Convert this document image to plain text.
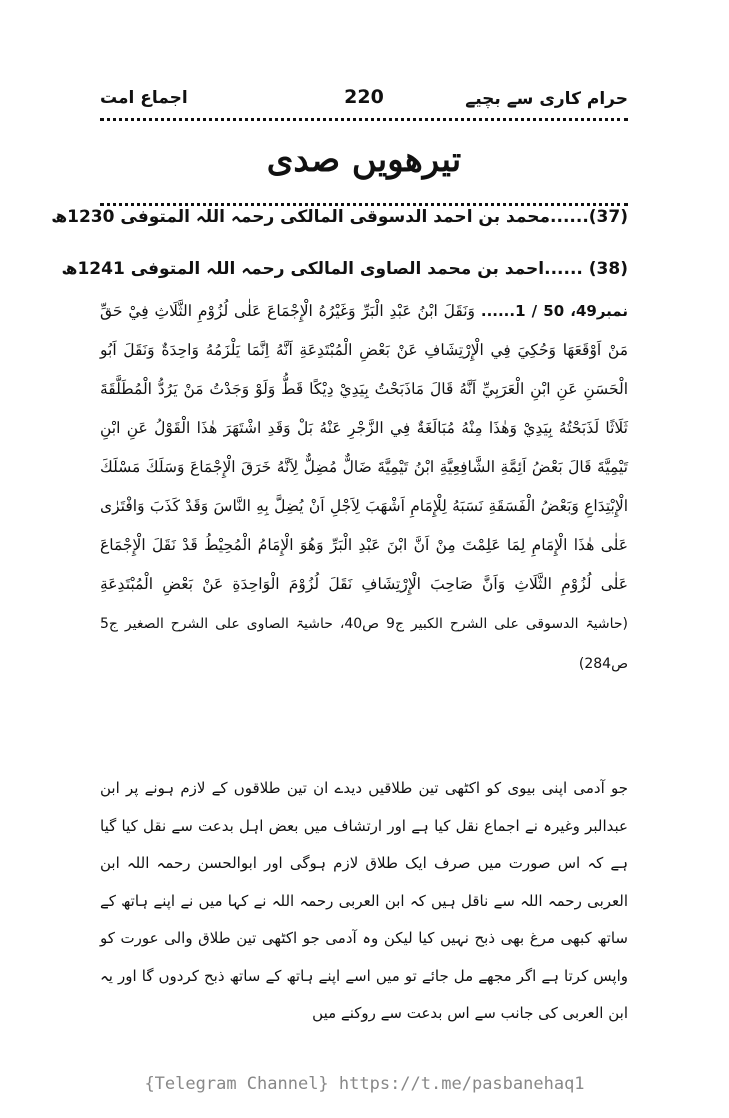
حرام کاری سے بچیے
220
اجماع امت
تیرھویں صدی
(37)......محمد بن احمد الدسوقی المالکی رحمہ اللہ المتوفی 1230ھ
(38) ......احمد بن محمد الصاوی المالکی رحمہ اللہ المتوفی 1241ھ
نمبر49، 50 / 1...... وَنَقَلَ ابْنُ عَبْدِ الْبَرِّ وَغَيْرُهُ الْإِجْمَاعَ عَلٰى لُزُوْمِ الثَّلَاثِ فِيْ حَقِّ مَنْ اَوْقَعَهَا وَحُكِيَ فِي الْإِرْتِشَافِ عَنْ بَعْضِ الْمُبْتَدِعَةِ اَنَّهُ اِنَّمَا يَلْزَمُهُ وَاحِدَةٌ وَنَقَلَ اَبُو الْحَسَنِ عَنِ ابْنِ الْعَرَبِيِّ اَنَّهُ قَالَ مَاذَبَحْتُ بِيَدِيْ دِيْكًا قَطُّ وَلَوْ وَجَدْتُ مَنْ يَرُدُّ الْمُطَلَّقَةَ ثَلَاثًا لَذَبَحْتُهُ بِيَدِيْ وَهٰذَا مِنْهُ مُبَالَغَةٌ فِي الزَّجْرِ عَنْهُ بَلْ وَقَدِ اشْتَهَرَ هٰذَا الْقَوْلُ عَنِ ابْنِ تَيْمِيَّةَ قَالَ بَعْضُ اَئِمَّةِ الشَّافِعِيَّةِ ابْنُ تَيْمِيَّةَ ضَالٌّ مُضِلٌّ لِاَنَّهُ خَرَقَ الْإِجْمَاعَ وَسَلَكَ مَسْلَكَ الْإِبْتِدَاعِ وَبَعْضُ الْفَسَقَةِ نَسَبَهُ لِلْإِمَامِ اَشْهَبَ لِاَجْلِ اَنْ يُضِلَّ بِهِ النَّاسَ وَقَدْ كَذَبَ وَافْتَرٰى عَلٰى هٰذَا الْإِمَامِ لِمَا عَلِمْتَ مِنْ اَنَّ ابْنَ عَبْدِ الْبَرِّ وَهُوَ الْإِمَامُ الْمُحِيْطُ قَدْ نَقَلَ الْإِجْمَاعَ عَلٰى لُزُوْمِ الثَّلَاثِ وَاَنَّ صَاحِبَ الْإِرْتِشَافِ نَقَلَ لُزُوْمَ الْوَاحِدَةِ عَنْ بَعْضِ الْمُبْتَدِعَةِ (حاشیۃ الدسوقی علی الشرح الکبیر ج9 ص40، حاشیۃ الصاوی علی الشرح الصغیر ج5 ص284)
جو آدمی اپنی بیوی کو اکٹھی تین طلاقیں دیدے ان تین طلاقوں کے لازم ہونے پر ابن عبدالبر وغیرہ نے اجماع نقل کیا ہے اور ارتشاف میں بعض اہل بدعت سے نقل کیا گیا ہے کہ اس صورت میں صرف ایک طلاق لازم ہوگی اور ابوالحسن رحمہ اللہ ابن العربی رحمہ اللہ سے ناقل ہیں کہ ابن العربی رحمہ اللہ نے کہا میں نے اپنے ہاتھ کے ساتھ کبھی مرغ بھی ذبح نہیں کیا لیکن وہ آدمی جو اکٹھی تین طلاق والی عورت کو واپس کرتا ہے اگر مجھے مل جائے تو میں اسے اپنے ہاتھ کے ساتھ ذبح کردوں گا اور یہ ابن العربی کی جانب سے اس بدعت سے روکنے میں
{Telegram Channel} https://t.me/pasbanehaq1
